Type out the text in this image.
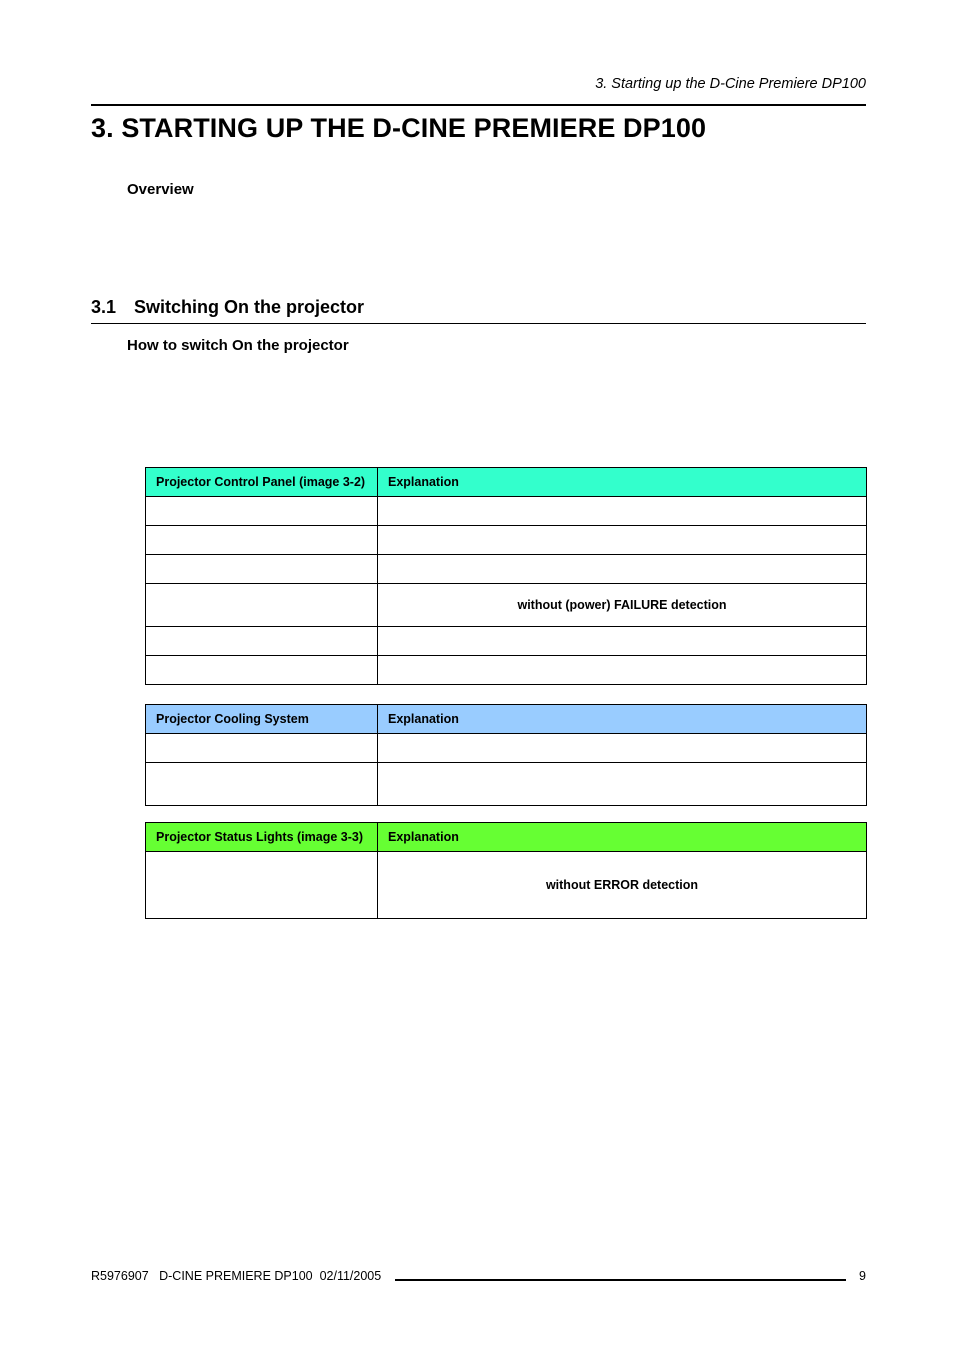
3. Starting up the D-Cine Premiere DP100
3. STARTING UP THE D-CINE PREMIERE DP100
Overview
3.1 Switching On the projector
How to switch On the projector
Projector Control Panel (image 3-2)	Explanation

	without (power) FAILURE detection

Projector Cooling System	Explanation

Projector Status Lights (image 3-3)	Explanation
	without ERROR detection
R5976907   D-CINE PREMIERE DP100  02/11/2005	9
